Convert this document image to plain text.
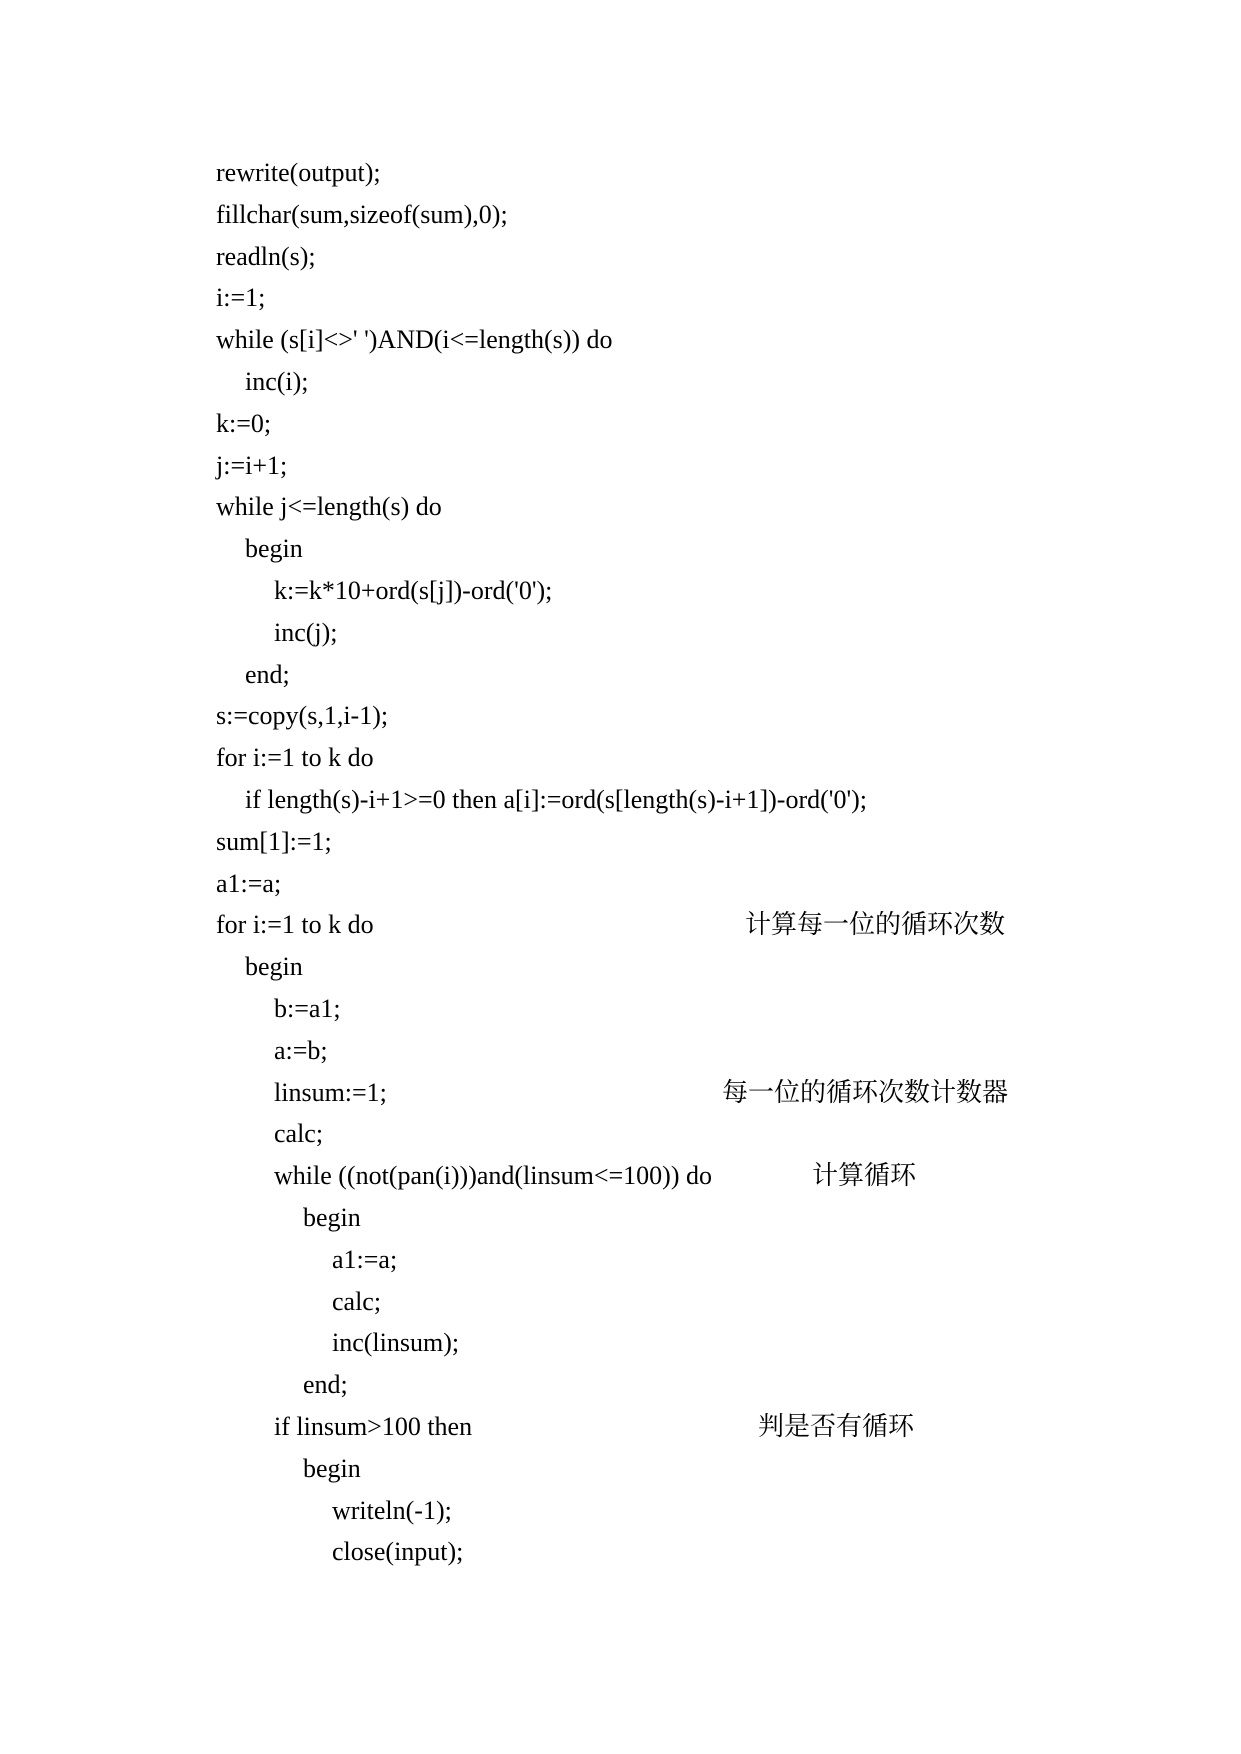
rewrite(output);
fillchar(sum,sizeof(sum),0);
readln(s);
i:=1;
while (s[i]<>' ')AND(i<=length(s)) do
inc(i);
k:=0;
j:=i+1;
while j<=length(s) do
begin
k:=k*10+ord(s[j])-ord('0');
inc(j);
end;
s:=copy(s,1,i-1);
for i:=1 to k do
if length(s)-i+1>=0 then a[i]:=ord(s[length(s)-i+1])-ord('0');
sum[1]:=1;
a1:=a;
for i:=1 to k do	计算每一位的循环次数
begin
b:=a1;
a:=b;
linsum:=1;	每一位的循环次数计数器
calc;
while ((not(pan(i)))and(linsum<=100)) do	计算循环
begin
a1:=a;
calc;
inc(linsum);
end;
if linsum>100 then	判是否有循环
begin
writeln(-1);
close(input);
